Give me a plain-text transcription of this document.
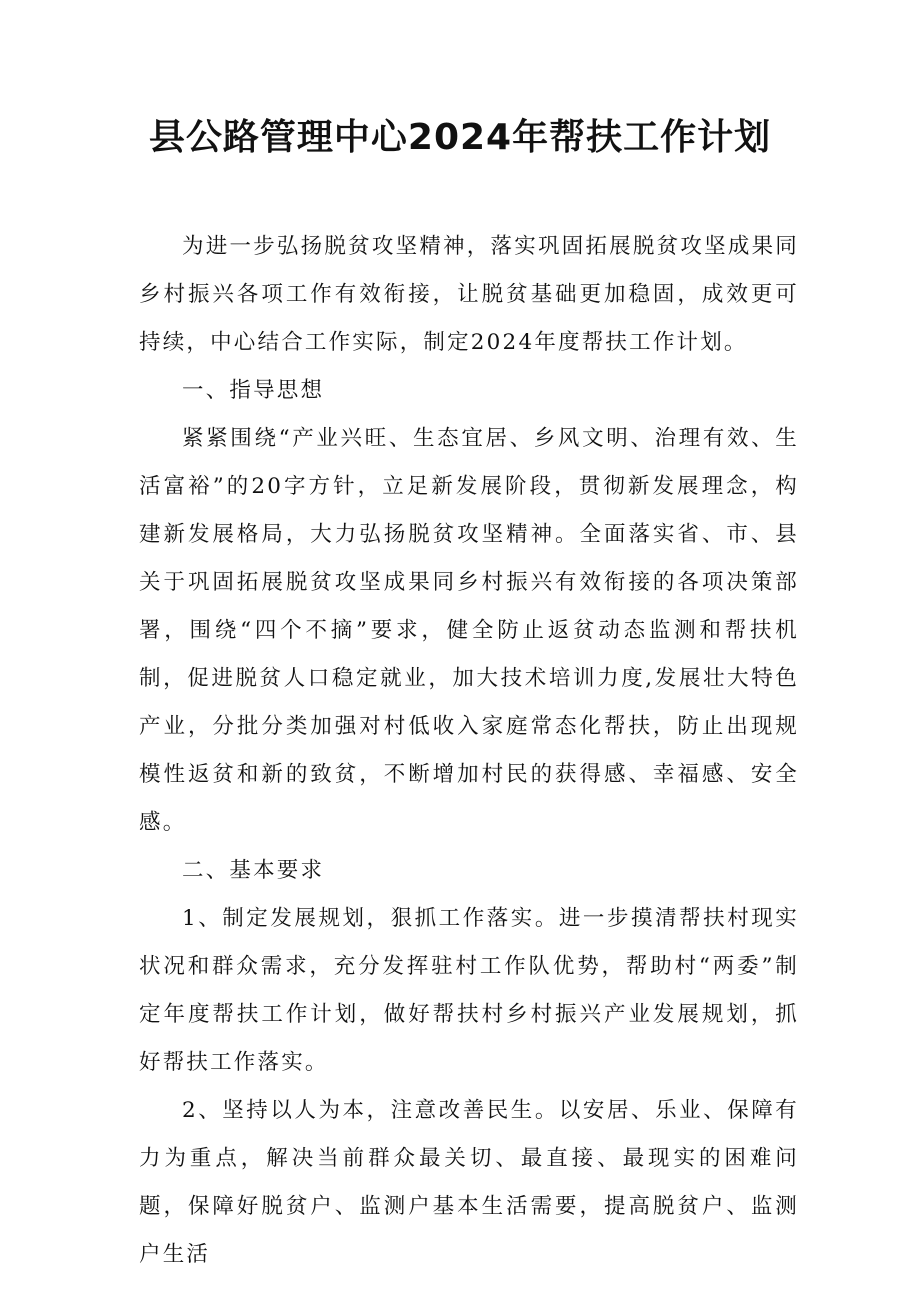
县公路管理中心2024年帮扶工作计划

为进一步弘扬脱贫攻坚精神，落实巩固拓展脱贫攻坚成果同乡村振兴各项工作有效衔接，让脱贫基础更加稳固，成效更可持续，中心结合工作实际，制定2024年度帮扶工作计划。

一、指导思想

紧紧围绕“产业兴旺、生态宜居、乡风文明、治理有效、生活富裕”的20字方针，立足新发展阶段，贯彻新发展理念，构建新发展格局，大力弘扬脱贫攻坚精神。全面落实省、市、县关于巩固拓展脱贫攻坚成果同乡村振兴有效衔接的各项决策部署，围绕“四个不摘”要求，健全防止返贫动态监测和帮扶机制，促进脱贫人口稳定就业，加大技术培训力度,发展壮大特色产业，分批分类加强对村低收入家庭常态化帮扶，防止出现规模性返贫和新的致贫，不断增加村民的获得感、幸福感、安全感。

二、基本要求

1、制定发展规划，狠抓工作落实。进一步摸清帮扶村现实状况和群众需求，充分发挥驻村工作队优势，帮助村“两委”制定年度帮扶工作计划，做好帮扶村乡村振兴产业发展规划，抓好帮扶工作落实。

2、坚持以人为本，注意改善民生。以安居、乐业、保障有力为重点，解决当前群众最关切、最直接、最现实的困难问题，保障好脱贫户、监测户基本生活需要，提高脱贫户、监测户生活
